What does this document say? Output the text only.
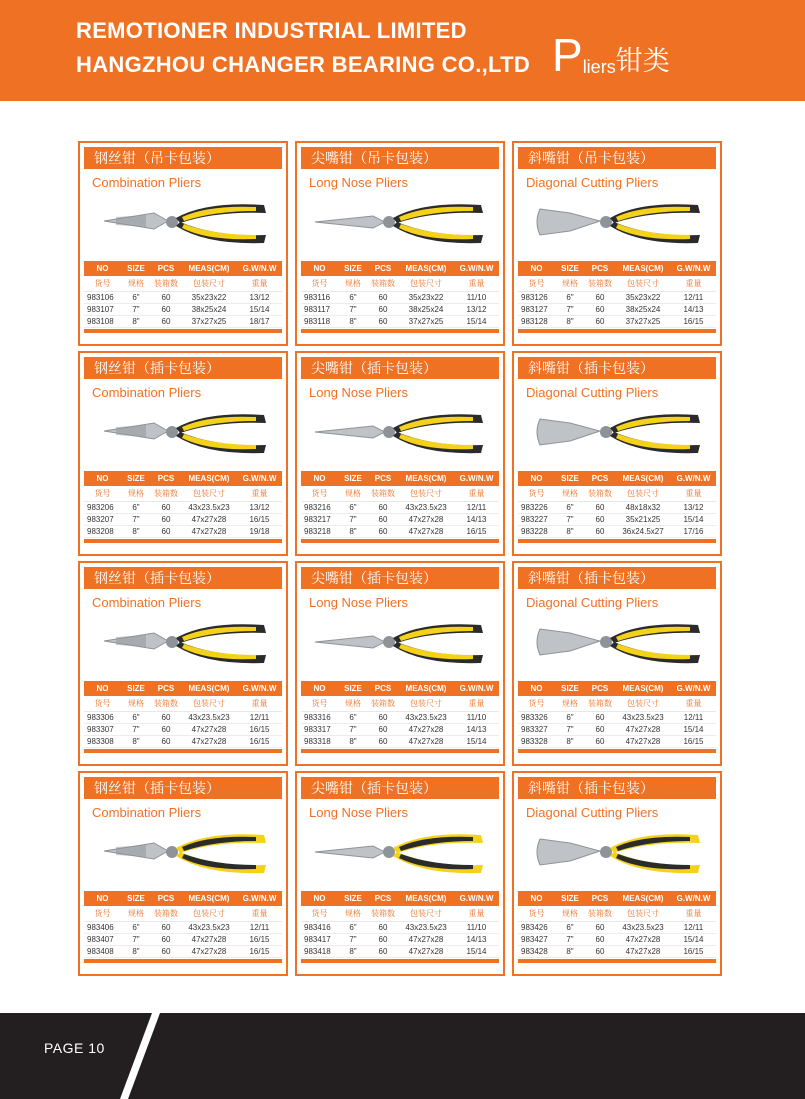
REMOTIONER INDUSTRIAL LIMITED
HANGZHOU CHANGER BEARING CO.,LTD Pliers钳类
钢丝钳（吊卡包装）
Combination Pliers
NO	SIZE	PCS	MEAS(CM)	G.W/N.W
货号	规格	装箱数	包装尺寸	重量
983106	6"	60	35x23x22	13/12
983107	7"	60	38x25x24	15/14
983108	8"	60	37x27x25	18/17
尖嘴钳（吊卡包装）
Long Nose Pliers
NO	SIZE	PCS	MEAS(CM)	G.W/N.W
货号	规格	装箱数	包装尺寸	重量
983116	6"	60	35x23x22	11/10
983117	7"	60	38x25x24	13/12
983118	8"	60	37x27x25	15/14
斜嘴钳（吊卡包装）
Diagonal Cutting Pliers
NO	SIZE	PCS	MEAS(CM)	G.W/N.W
货号	规格	装箱数	包装尺寸	重量
983126	6"	60	35x23x22	12/11
983127	7"	60	38x25x24	14/13
983128	8"	60	37x27x25	16/15
钢丝钳（插卡包装）
Combination Pliers
NO	SIZE	PCS	MEAS(CM)	G.W/N.W
货号	规格	装箱数	包装尺寸	重量
983206	6"	60	43x23.5x23	13/12
983207	7"	60	47x27x28	16/15
983208	8"	60	47x27x28	19/18
尖嘴钳（插卡包装）
Long Nose Pliers
NO	SIZE	PCS	MEAS(CM)	G.W/N.W
货号	规格	装箱数	包装尺寸	重量
983216	6"	60	43x23.5x23	12/11
983217	7"	60	47x27x28	14/13
983218	8"	60	47x27x28	16/15
斜嘴钳（插卡包装）
Diagonal Cutting Pliers
NO	SIZE	PCS	MEAS(CM)	G.W/N.W
货号	规格	装箱数	包装尺寸	重量
983226	6"	60	48x18x32	13/12
983227	7"	60	35x21x25	15/14
983228	8"	60	36x24.5x27	17/16
钢丝钳（插卡包装）
Combination Pliers
NO	SIZE	PCS	MEAS(CM)	G.W/N.W
货号	规格	装箱数	包装尺寸	重量
983306	6"	60	43x23.5x23	12/11
983307	7"	60	47x27x28	16/15
983308	8"	60	47x27x28	16/15
尖嘴钳（插卡包装）
Long Nose Pliers
NO	SIZE	PCS	MEAS(CM)	G.W/N.W
货号	规格	装箱数	包装尺寸	重量
983316	6"	60	43x23.5x23	11/10
983317	7"	60	47x27x28	14/13
983318	8"	60	47x27x28	15/14
斜嘴钳（插卡包装）
Diagonal Cutting Pliers
NO	SIZE	PCS	MEAS(CM)	G.W/N.W
货号	规格	装箱数	包装尺寸	重量
983326	6"	60	43x23.5x23	12/11
983327	7"	60	47x27x28	15/14
983328	8"	60	47x27x28	16/15
钢丝钳（插卡包装）
Combination Pliers
NO	SIZE	PCS	MEAS(CM)	G.W/N.W
货号	规格	装箱数	包装尺寸	重量
983406	6"	60	43x23.5x23	12/11
983407	7"	60	47x27x28	16/15
983408	8"	60	47x27x28	16/15
尖嘴钳（插卡包装）
Long Nose Pliers
NO	SIZE	PCS	MEAS(CM)	G.W/N.W
货号	规格	装箱数	包装尺寸	重量
983416	6"	60	43x23.5x23	11/10
983417	7"	60	47x27x28	14/13
983418	8"	60	47x27x28	15/14
斜嘴钳（插卡包装）
Diagonal Cutting Pliers
NO	SIZE	PCS	MEAS(CM)	G.W/N.W
货号	规格	装箱数	包装尺寸	重量
983426	6"	60	43x23.5x23	12/11
983427	7"	60	47x27x28	15/14
983428	8"	60	47x27x28	16/15
PAGE 10
